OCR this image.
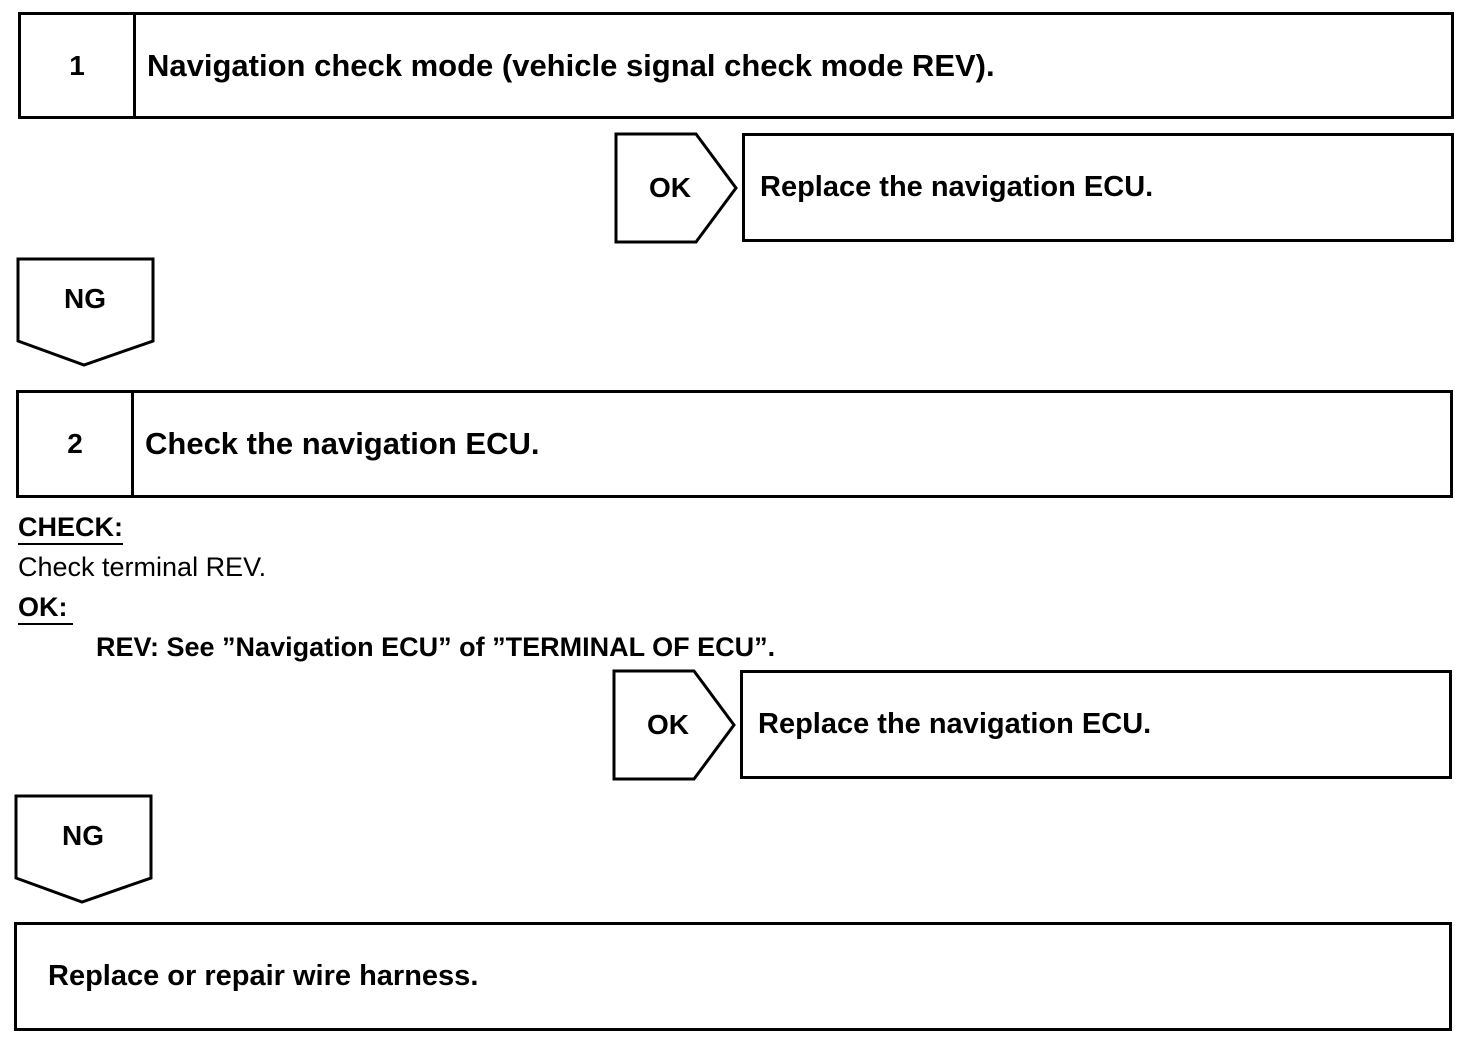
1	Navigation check mode (vehicle signal check mode REV).
OK	Replace the navigation ECU.
NG
2	Check the navigation ECU.
CHECK:
Check terminal REV.
OK:
REV: See ”Navigation ECU” of ”TERMINAL OF ECU”.
OK	Replace the navigation ECU.
NG
Replace or repair wire harness.
